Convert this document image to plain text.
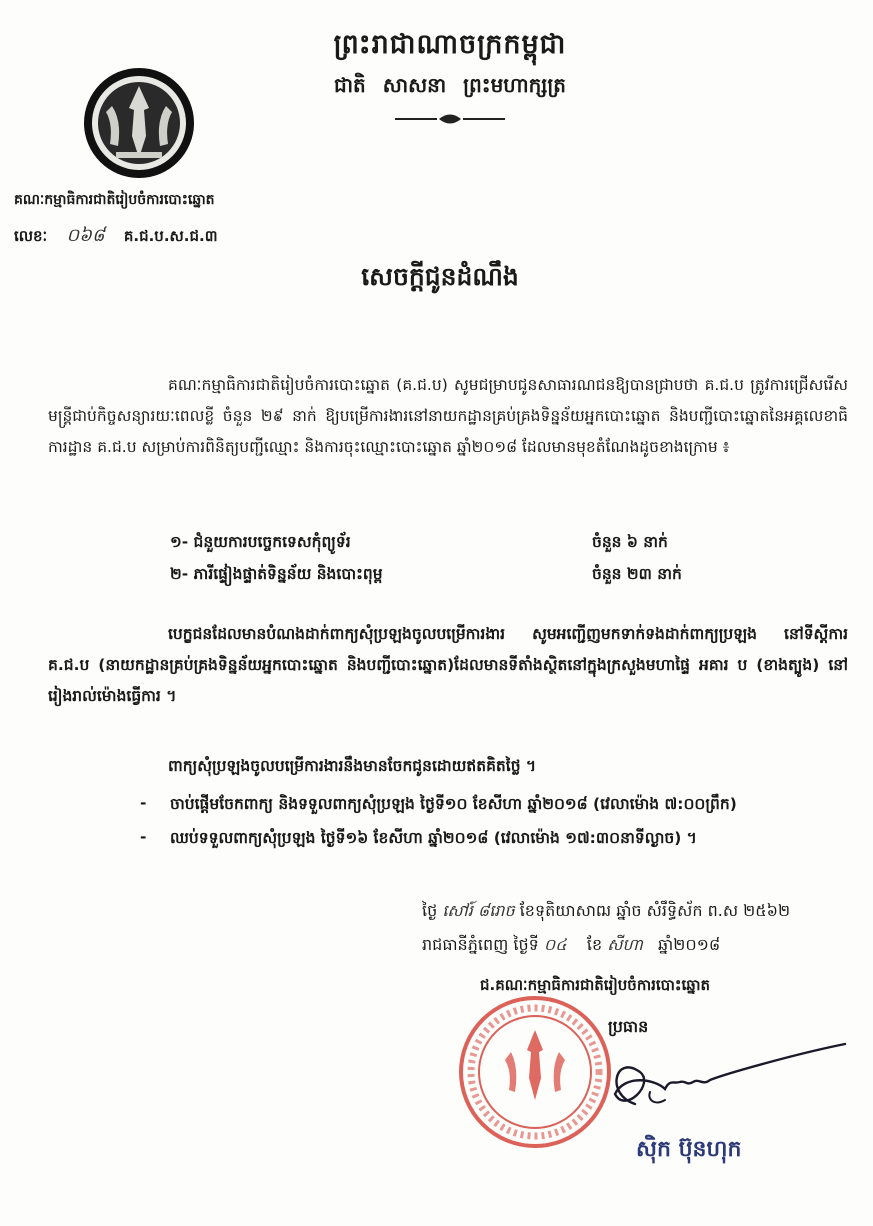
ព្រះរាជាណាចក្រកម្ពុជា
ជាតិ សាសនា ព្រះមហាក្សត្រ
គណៈកម្មាធិការជាតិរៀបចំការបោះឆ្នោត
លេខៈ ០៦៨ គ.ជ.ប.ស.ជ.៣
សេចក្តីជូនដំណឹង
គណៈកម្មាធិការជាតិរៀបចំការបោះឆ្នោត (គ.ជ.ប) សូមជម្រាបជូនសាធារណជនឱ្យបានជ្រាបថា គ.ជ.ប ត្រូវការជ្រើសរើសមន្ត្រីជាប់កិច្ចសន្យារយៈពេលខ្លី ចំនួន ២៩ នាក់ ឱ្យបម្រើការងារនៅនាយកដ្ឋានគ្រប់គ្រងទិន្នន័យអ្នកបោះឆ្នោត និងបញ្ជីបោះឆ្នោតនៃអគ្គលេខាធិការដ្ឋាន គ.ជ.ប សម្រាប់ការពិនិត្យបញ្ជីឈ្មោះ និងការចុះឈ្មោះបោះឆ្នោត ឆ្នាំ២០១៨ ដែលមានមុខតំណែងដូចខាងក្រោម ៖
១- ជំនួយការបច្ចេកទេសកុំព្យូទ័រ	ចំនួន ៦ នាក់
២- ភារីផ្ទៀងផ្ទាត់ទិន្នន័យ និងបោះពុម្ព	ចំនួន ២៣ នាក់
បេក្ខជនដែលមានបំណងដាក់ពាក្យសុំប្រឡងចូលបម្រើការងារ សូមអញ្ជើញមកទាក់ទងដាក់ពាក្យប្រឡង នៅទីស្តីការ គ.ជ.ប (នាយកដ្ឋានគ្រប់គ្រងទិន្នន័យអ្នកបោះឆ្នោត និងបញ្ជីបោះឆ្នោត)ដែលមានទីតាំងស្ថិតនៅក្នុងក្រសួងមហាផ្ទៃ អគារ ប (ខាងត្បូង) នៅរៀងរាល់ម៉ោងធ្វើការ ។
ពាក្យសុំប្រឡងចូលបម្រើការងារនឹងមានចែកជូនដោយឥតគិតថ្លៃ ។
- ចាប់ផ្តើមចែកពាក្យ និងទទួលពាក្យសុំប្រឡង ថ្ងៃទី១០ ខែសីហា ឆ្នាំ២០១៨ (វេលាម៉ោង ៧:០០ព្រឹក)
- ឈប់ទទួលពាក្យសុំប្រឡង ថ្ងៃទី១៦ ខែសីហា ឆ្នាំ២០១៨ (វេលាម៉ោង ១៧:៣០នាទីល្ងាច) ។
ថ្ងៃ សៅរ៍ ៨រោច ខែទុតិយាសាឍ ឆ្នាំច សំរឹទ្ធិស័ក ព.ស ២៥៦២
រាជធានីភ្នំពេញ ថ្ងៃទី ០៤ ខែ សីហា ឆ្នាំ២០១៨
ជ.គណៈកម្មាធិការជាតិរៀបចំការបោះឆ្នោត
ប្រធាន
ស៊ិក ប៊ុនហុក
